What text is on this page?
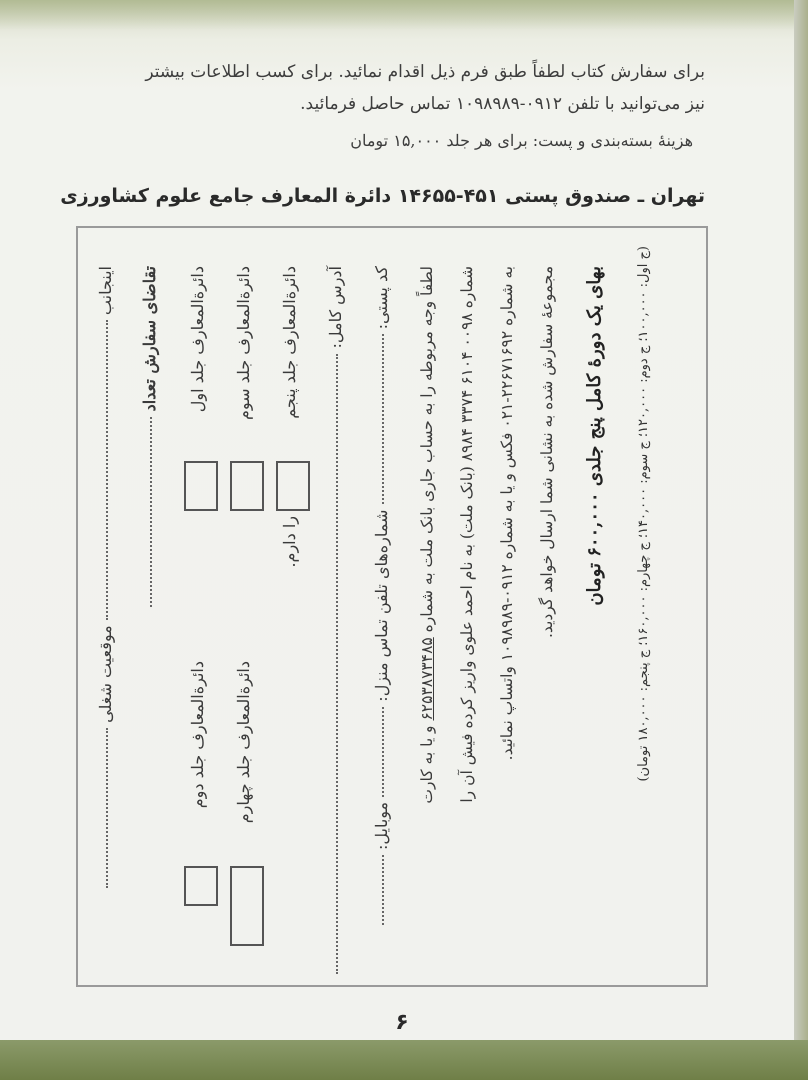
برای سفارش کتاب لطفاً طبق فرم ذیل اقدام نمائید. برای کسب اطلاعات بیشتر
نیز می‌توانید با تلفن ۰۹۱۲-۱۰۹۸۹۸۹ تماس حاصل فرمائید.
هزینهٔ بسته‌بندی و پست: برای هر جلد ۱۵,۰۰۰ تومان
تهران ـ صندوق پستی ۴۵۱-۱۴۶۵۵ دائرة المعارف جامع علوم کشاورزی
اینجانب  موقعیت شغلی
تقاضای سفارش تعداد دائرةالمعارف جلد اول
دائرةالمعارف جلد دوم
دائرةالمعارف جلد سوم
دائرةالمعارف جلد چهارم
دائرةالمعارف جلد پنجم
را دارم.
آدرس کامل: کد پستی:  شماره‌های تلفن تماس منزل:  موبایل:
لطفاً وجه مربوطه را به حساب جاری بانک ملت به شماره ۶۲۵۳۸۷۳۴۸۵ و یا به کارت شماره ۰۰۹۸ ۶۱۰۴ ۳۳۷۴ ۸۹۸۴ (بانک ملت) به نام احمد علوی واریز کرده فیش آن را
به شماره ۲۲۶۷۱۶۹۲-۰۲۱ فکس و یا به شماره ۰۹۱۲-۱۰۹۸۹۸۹ واتساپ نمائید. مجموعهٔ سفارش شده به نشانی شما ارسال خواهد گردید. بهای یک دورهٔ کامل پنج جلدی ۶۰۰,۰۰۰ تومان
(ج اول: ۱۰۰,۰۰۰؛ ج دوم: ۱۲۰,۰۰۰؛ ج سوم: ۱۴۰,۰۰۰؛ ج چهارم: ۱۶۰,۰۰۰؛ ج پنجم: ۱۸۰,۰۰۰ تومان)
۶
